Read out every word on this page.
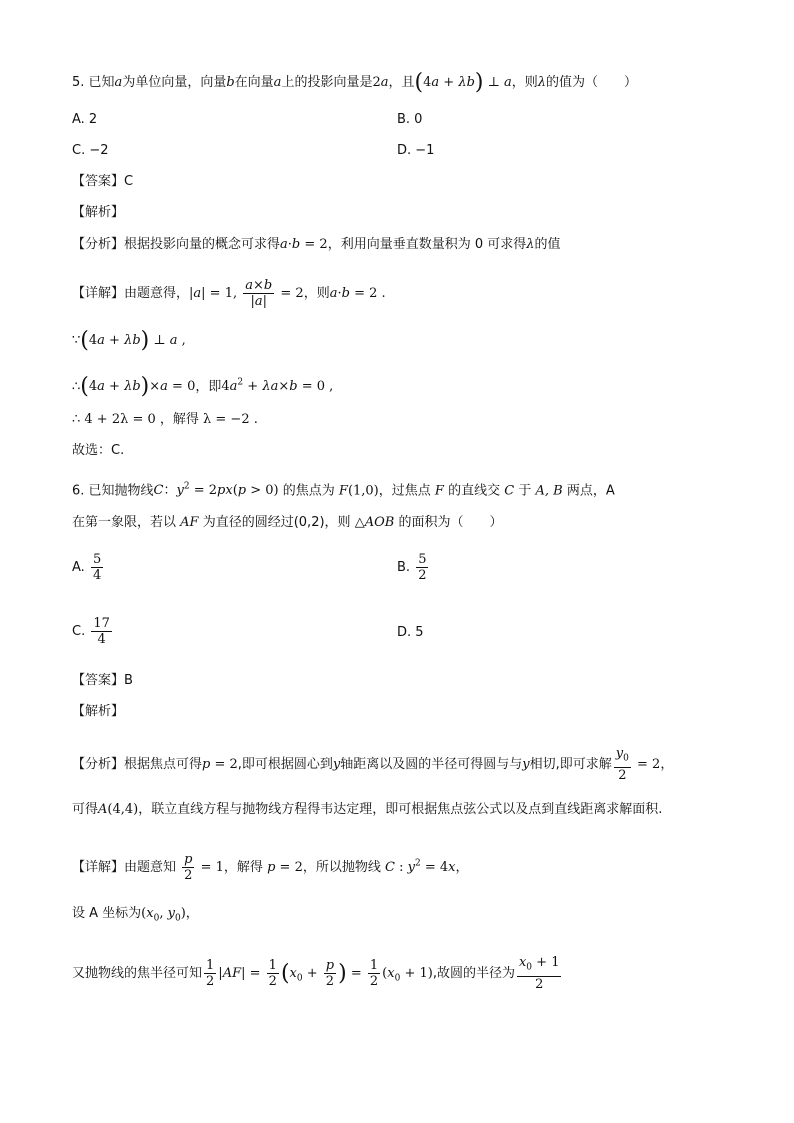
5. 已知a为单位向量，向量b在向量a上的投影向量是2a，且(4a + λb) ⊥ a，则λ的值为（　　）
A. 2	B. 0
C. −2	D. −1
【答案】C
【解析】
【分析】根据投影向量的概念可求得a·b = 2，利用向量垂直数量积为 0 可求得λ的值
【详解】由题意得，|a| = 1, $\frac{a\times b}{|a|} = 2$，则a·b = 2 .
∵(4a + λb) ⊥ a ,
∴(4a + λb)×a = 0，即$4a^2 + \lambda a\times b = 0$ ,
∴ 4 + 2λ = 0 ，解得 λ = −2 .
故选：C.
6. 已知抛物线C：$y^2 = 2px(p > 0)$ 的焦点为 F(1,0)，过焦点 F 的直线交 C 于 A, B 两点，A
在第一象限，若以 AF 为直径的圆经过(0,2)，则 △AOB 的面积为（　　）
A. $\frac{5}{4}$	B. $\frac{5}{2}$
C. $\frac{17}{4}$	D. 5
【答案】B
【解析】
【分析】根据焦点可得p = 2,即可根据圆心到y轴距离以及圆的半径可得圆与与y相切,即可求解 $\frac{y_0}{2} = 2$，
可得A(4,4)，联立直线方程与抛物线方程得韦达定理，即可根据焦点弦公式以及点到直线距离求解面积.
【详解】由题意知 $\frac{p}{2} = 1$，解得 p = 2，所以抛物线 C : $y^2 = 4x$，
设 A 坐标为($x_0$, $y_0$)，
又抛物线的焦半径可知 $\frac{1}{2} |AF| = \frac{1}{2} (x_0 + \frac{p}{2}$ ) = $\frac{1}{2} (x_0 + 1)$,故圆的半径为 $\frac{x_0 + 1}{2}$
